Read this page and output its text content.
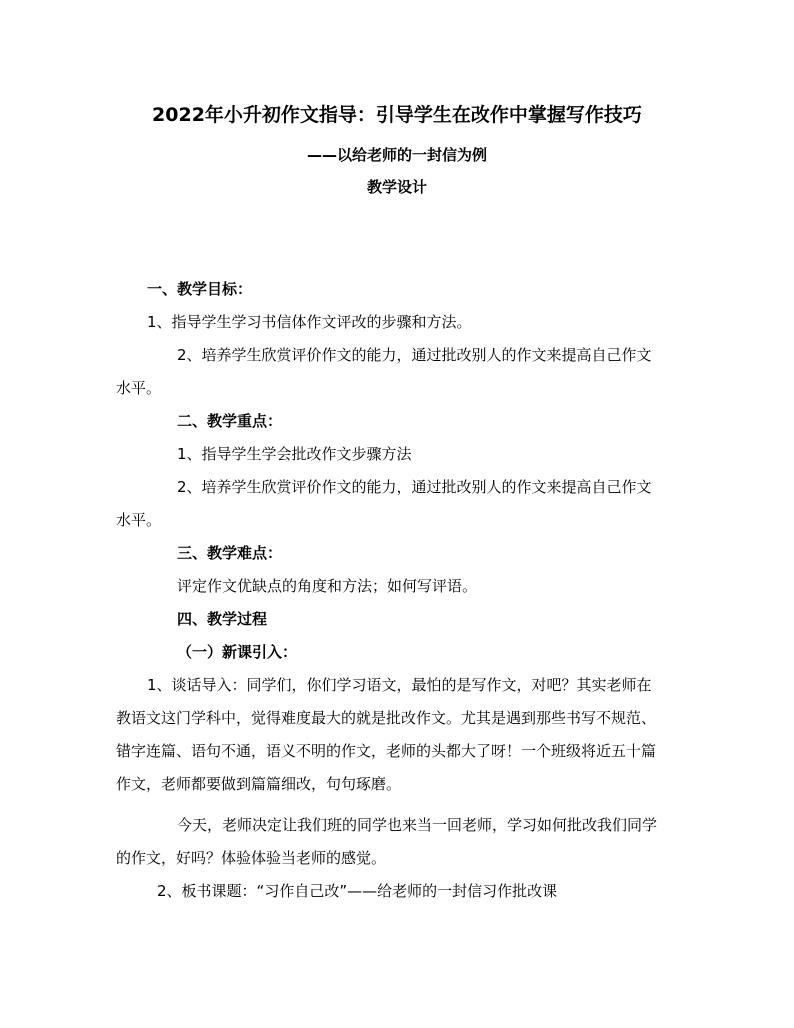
2022年小升初作文指导：引导学生在改作中掌握写作技巧
——以给老师的一封信为例
教学设计
一、教学目标：
1、指导学生学习书信体作文评改的步骤和方法。
2、培养学生欣赏评价作文的能力，通过批改别人的作文来提高自己作文
水平。
二、教学重点：
1、指导学生学会批改作文步骤方法
2、培养学生欣赏评价作文的能力，通过批改别人的作文来提高自己作文
水平。
三、教学难点：
评定作文优缺点的角度和方法；如何写评语。
四、教学过程
（一）新课引入：
1、谈话导入：同学们，你们学习语文，最怕的是写作文，对吧？其实老师在
教语文这门学科中，觉得难度最大的就是批改作文。尤其是遇到那些书写不规范、
错字连篇、语句不通，语义不明的作文，老师的头都大了呀！一个班级将近五十篇
作文，老师都要做到篇篇细改，句句琢磨。
今天，老师决定让我们班的同学也来当一回老师，学习如何批改我们同学
的作文，好吗？体验体验当老师的感觉。
2、板书课题：“习作自己改”——给老师的一封信习作批改课
